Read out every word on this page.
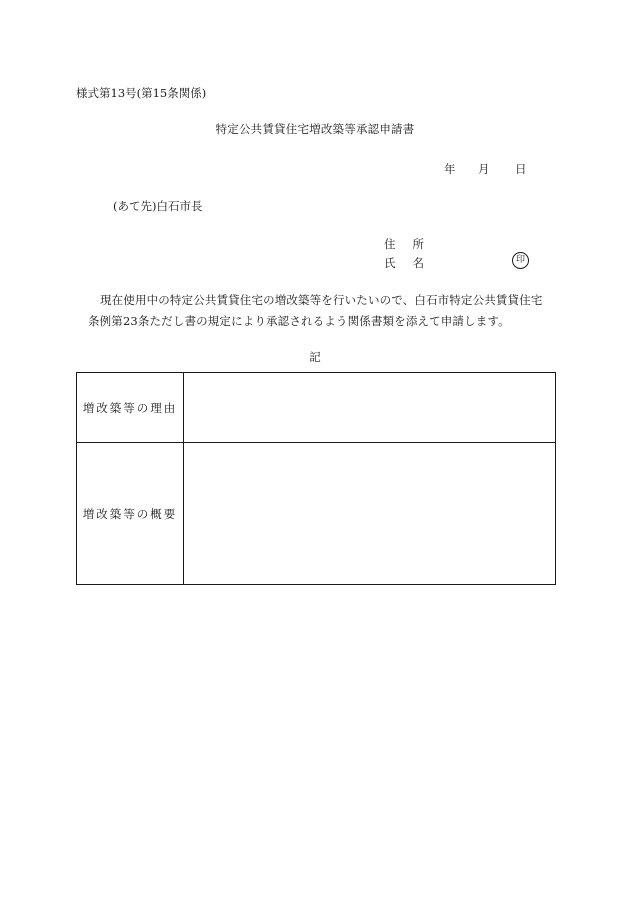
様式第13号(第15条関係)
特定公共賃貸住宅増改築等承認申請書
年 月 日
(あて先)白石市長
住 所
氏 名	印
現在使用中の特定公共賃貸住宅の増改築等を行いたいので、白石市特定公共賃貸住宅
条例第23条ただし書の規定により承認されるよう関係書類を添えて申請します。
記
増改築等の理由	
増改築等の概要	
